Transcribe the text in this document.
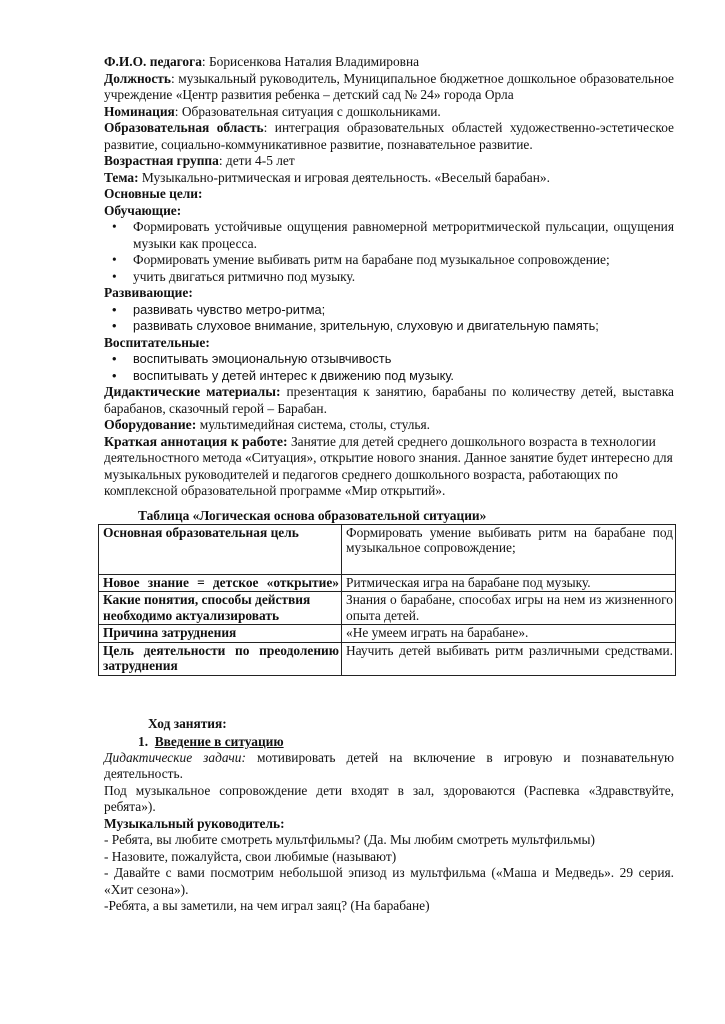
Ф.И.О. педагога: Борисенкова Наталия Владимировна

Должность: музыкальный руководитель, Муниципальное бюджетное дошкольное образовательное учреждение «Центр развития ребенка – детский сад № 24» города Орла

Номинация: Образовательная ситуация с дошкольниками.

Образовательная область: интеграция образовательных областей художественно-эстетическое развитие, социально-коммуникативное развитие, познавательное развитие.

Возрастная группа: дети 4-5 лет

Тема: Музыкально-ритмическая и игровая деятельность. «Веселый барабан».

Основные цели:

Обучающие:

• Формировать устойчивые ощущения равномерной метроритмической пульсации, ощущения музыки как процесса.
• Формировать умение выбивать ритм на барабане под музыкальное сопровождение;
• учить двигаться ритмично под музыку.

Развивающие:

• развивать чувство метро-ритма;
• развивать слуховое внимание, зрительную, слуховую и двигательную память;

Воспитательные:

• воспитывать эмоциональную отзывчивость
• воспитывать у детей интерес к движению под музыку.

Дидактические материалы: презентация к занятию, барабаны по количеству детей, выставка барабанов, сказочный герой – Барабан.

Оборудование: мультимедийная система, столы, стулья.

Краткая аннотация к работе: Занятие для детей среднего дошкольного возраста в технологии деятельностного метода «Ситуация», открытие нового знания. Данное занятие будет интересно для музыкальных руководителей и педагогов среднего дошкольного возраста, работающих по комплексной образовательной программе «Мир открытий».

Таблица «Логическая основа образовательной ситуации»

Основная образовательная цель	Формировать умение выбивать ритм на барабане под музыкальное сопровождение;
Новое знание = детское «открытие»	Ритмическая игра на барабане под музыку.
Какие понятия, способы действия необходимо актуализировать	Знания о барабане, способах игры на нем из жизненного опыта детей.
Причина затруднения	«Не умеем играть на барабане».
Цель деятельности по преодолению затруднения	Научить детей выбивать ритм различными средствами.

Ход занятия:

1. Введение в ситуацию

Дидактические задачи: мотивировать детей на включение в игровую и познавательную деятельность.

Под музыкальное сопровождение дети входят в зал, здороваются (Распевка «Здравствуйте, ребята»).

Музыкальный руководитель:

- Ребята, вы любите смотреть мультфильмы? (Да. Мы любим смотреть мультфильмы)

- Назовите, пожалуйста, свои любимые (называют)

- Давайте с вами посмотрим небольшой эпизод из мультфильма («Маша и Медведь». 29 серия. «Хит сезона»).

-Ребята, а вы заметили, на чем играл заяц? (На барабане)
